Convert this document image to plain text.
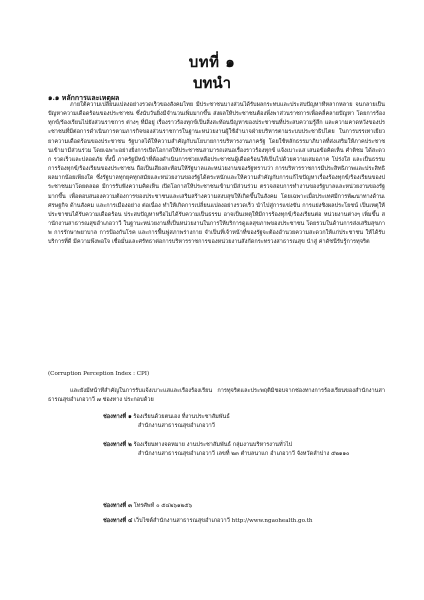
บทที่ ๑
บทนำ
๑.๑ หลักการและเหตุผล
ภายใต้ความเปลี่ยนแปลงอย่างรวดเร็วของสังคมไทย มีประชาชนบางส่วนได้รับผลกระทบและประสบปัญหาที่หลากหลาย จนกลายเป็นปัญหาความเดือดร้อนของประชาชน ซึ่งนับวันยิ่งมีจำนวนเพิ่มมากขึ้น ส่งผลให้ประชาชนต้องพึ่งพาส่วนราชการเพื่อคลี่คลายปัญหา โดยการร้องทุกข์/ร้องเรียนไปยังส่วนราชการ ต่างๆ ที่มีอยู่ เรื่องราวร้องทุกข์เป็นสิ่งสะท้อนปัญหาของประชาชนที่ประสบความรู้สึก และความคาดหวังของประชาชนที่มีต่อการดำเนินการตามภารกิจของส่วนราชการในฐานะหน่วยงานผู้ใช้อำนาจฝ่ายบริหารตามระบบประชาธิปไตย ในการบรรเทาเยียวยาความเดือดร้อนของประชาชน รัฐบาลได้ให้ความสำคัญกับนโยบายการบริหารงานภาครัฐ โดยใช้หลักธรรมาภิบาลที่ส่งเสริมให้ภาคประชาชนเข้ามามีส่วนร่วม โดยเฉพาะอย่างยิ่งการเปิดโอกาสให้ประชาชนสามารถเสนอเรื่องราวร้องทุกข์ แจ้งเบาะแส เสนอข้อคิดเห็น คำติชม ได้สะดวก รวดเร็วและปลอดภัย ทั้งนี้ ภาครัฐมีหน้าที่ต้องดำเนินการช่วยเหลือประชาชนผู้เดือดร้อนให้เป็นไปด้วยความเสมอภาค โปร่งใส และเป็นธรรม การร้องทุกข์/ร้องเรียนของประชาชน ถือเป็นเสียงสะท้อนให้รัฐบาลและหน่วยงานของรัฐทราบว่า การบริหารราชการมีประสิทธิภาพและประสิทธิผลมากน้อยเพียงใด ซึ่งรัฐบาลทุกยุคทุกสมัยและหน่วยงานของรัฐได้ตระหนักและให้ความสำคัญกับการแก้ไขปัญหาเรื่องร้องทุกข์/ร้องเรียนของประชาชนมาโดยตลอด มีการรับฟังความคิดเห็น เปิดโอกาสให้ประชาชนเข้ามามีส่วนร่วม ตรวจสอบการทำงานของรัฐบาลและหน่วยงานของรัฐมากขึ้น เพื่อตอบสนองความต้องการของประชาชนและเสริมสร้างความสงบสุขให้เกิดขึ้นในสังคม โดยเฉพาะเมื่อประเทศมีการพัฒนาทางด้านเศรษฐกิจ ด้านสังคม และการเมืองอย่าง ต่อเนื่อง ทำให้เกิดการเปลี่ยนแปลงอย่างรวดเร็ว นำไปสู่การแข่งขัน การแย่งชิงผลประโยชน์ เป็นเหตุให้ประชาชนได้รับความเดือดร้อน ประสบปัญหาหรือไม่ได้รับความเป็นธรรม อาจเป็นเหตุให้มีการร้องทุกข์/ร้องเรียนต่อ หน่วยงานต่างๆ เพิ่มขึ้น สำนักงานสาธารณสุขอำเภอวาวี ในฐานะหน่วยงานที่เป็นหน่วยงานในการให้บริการดูแลสุขภาพของประชาชน โดยรวมในด้านการส่งเสริมสุขภาพ การรักษาพยาบาล การป้องกันโรค และการฟื้นฟูสภาพร่างกาย จำเป็นที่เจ้าหน้าที่ของรัฐจะต้องอำนวยความสะดวกให้แก่ประชาชน ให้ได้รับบริการที่ดี มีความพึงพอใจ เชื่อมั่นและศรัทธาต่อการบริหารราชการของหน่วยงานสังกัดกระทรวงสาธารณสุข นำสู่ ค่าดัชนีรับรู้การทุจริต
(Corruption Perception Index : CPI)
และยังมีหน้าที่สำคัญในการรับแจ้งเบาะแสและเรื่องร้องเรียน การทุจริตและประพฤติมิชอบจากช่องทางการร้องเรียนของสำนักงานสาธารณสุขอำเภอวาวี ๗ ช่องทาง ประกอบด้วย
ช่องทางที่ ๑ ร้องเรียนด้วยตนเอง ที่งานประชาสัมพันธ์
สำนักงานสาธารณสุขอำเภอวาวี
ช่องทางที่ ๒ ร้องเรียนทางจดหมาย งานประชาสัมพันธ์ กลุ่มงานบริหารงานทั่วไป
สำนักงานสาธารณสุขอำเภอวาวี เลขที่ ๒๓ ตำบลนาแก อำเภอวาวี จังหวัดลำปาง ๕๒๑๑๐
ช่องทางที่ ๓ โทรศัพท์ ๐ ๕๔๒๖๑๒๕๖
ช่องทางที่ ๔ เว็บไซต์สำนักงานสาธารณสุขอำเภอวาวี http://www.ngaohealth.go.th
